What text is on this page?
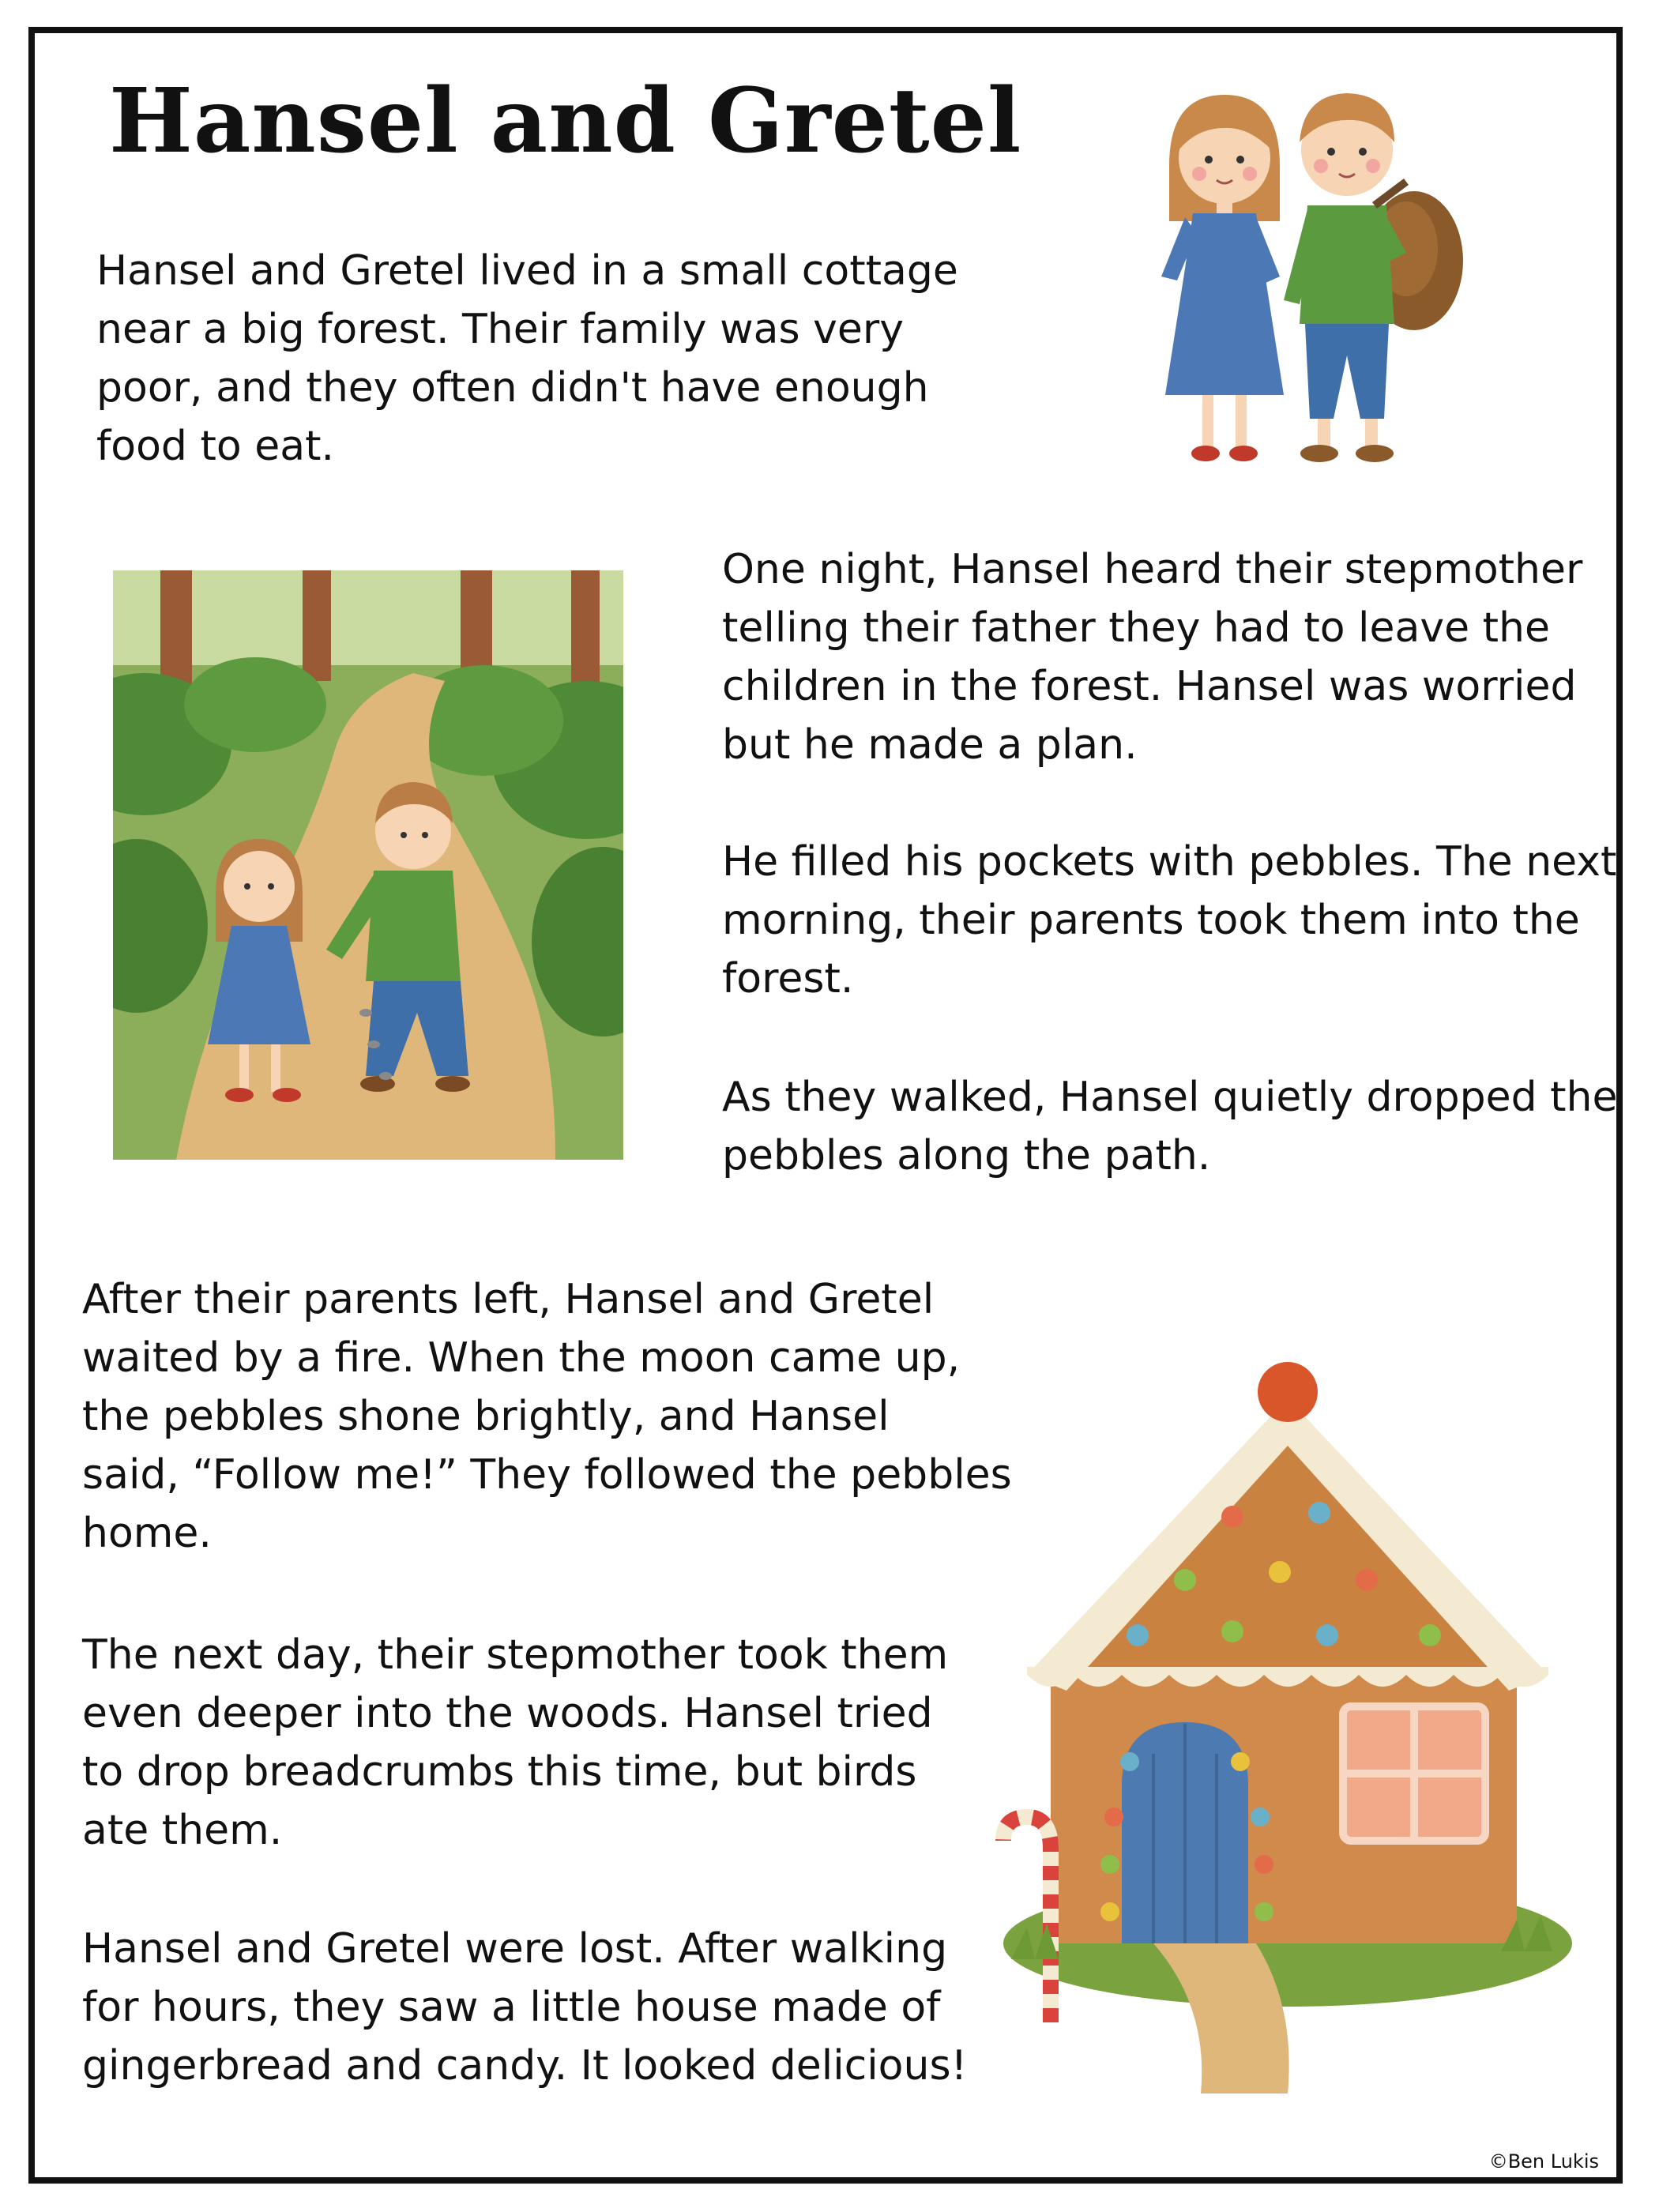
Hansel and Gretel

Hansel and Gretel lived in a small cottage
near a big forest. Their family was very
poor, and they often didn't have enough
food to eat.

One night, Hansel heard their stepmother
telling their father they had to leave the
children in the forest. Hansel was worried
but he made a plan.

He filled his pockets with pebbles. The next
morning, their parents took them into the
forest.

As they walked, Hansel quietly dropped the
pebbles along the path.

After their parents left, Hansel and Gretel
waited by a fire. When the moon came up,
the pebbles shone brightly, and Hansel
said, “Follow me!” They followed the pebbles
home.

The next day, their stepmother took them
even deeper into the woods. Hansel tried
to drop breadcrumbs this time, but birds
ate them.

Hansel and Gretel were lost. After walking
for hours, they saw a little house made of
gingerbread and candy. It looked delicious!

©Ben Lukis
